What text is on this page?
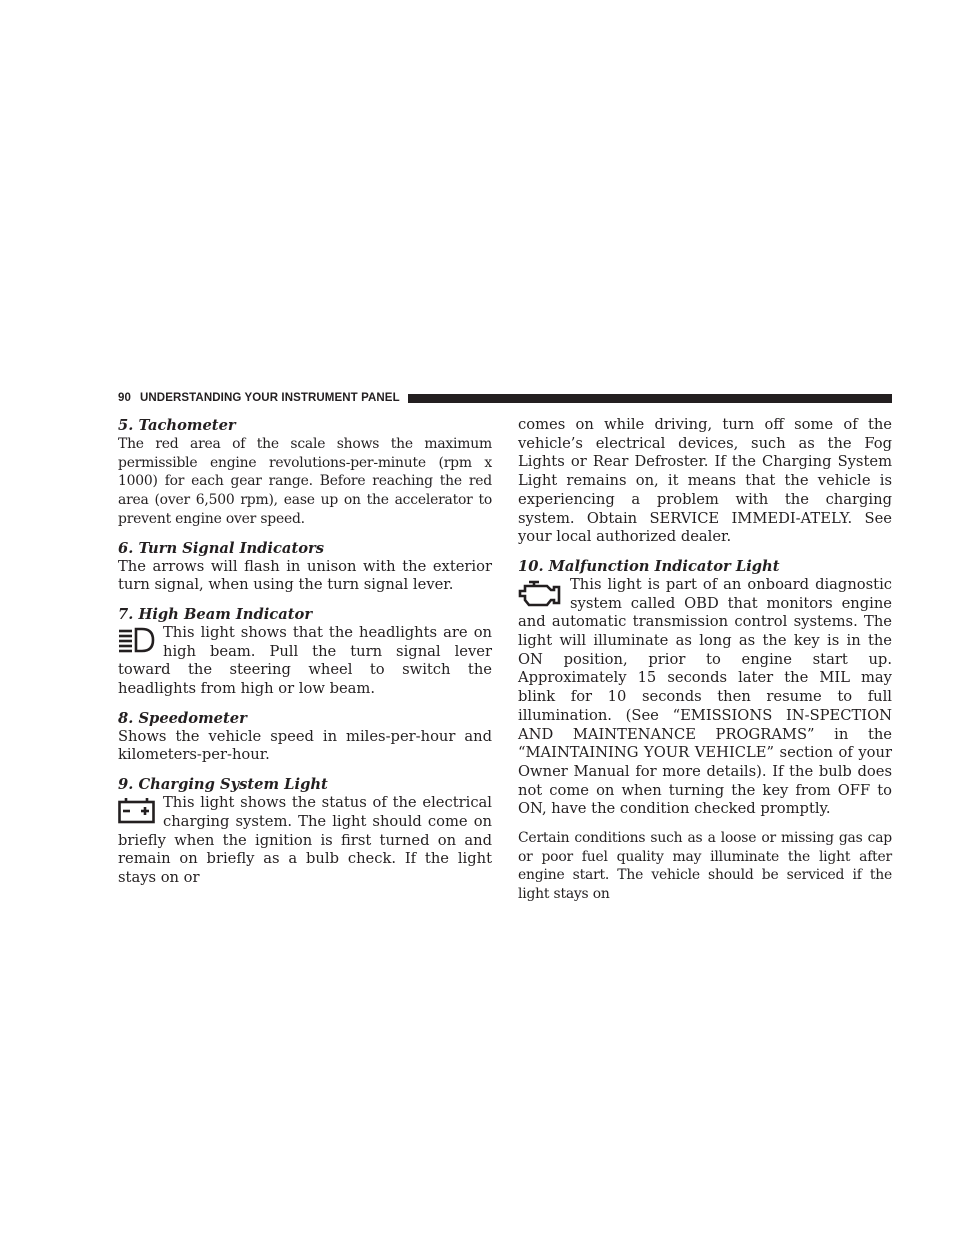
90 UNDERSTANDING YOUR INSTRUMENT PANEL
5. Tachometer

The red area of the scale shows the maximum permissible engine revolutions-per-minute (rpm x 1000) for each gear range. Before reaching the red area (over 6,500 rpm), ease up on the accelerator to prevent engine over speed.

6. Turn Signal Indicators

The arrows will flash in unison with the exterior turn signal, when using the turn signal lever.

7. High Beam Indicator

This light shows that the headlights are on high beam. Pull the turn signal lever toward the steering wheel to switch the headlights from high or low beam.

8. Speedometer

Shows the vehicle speed in miles-per-hour and kilometers-per-hour.

9. Charging System Light

This light shows the status of the electrical charging system. The light should come on briefly when the ignition is first turned on and remain on briefly as a bulb check. If the light stays on or

comes on while driving, turn off some of the vehicle’s electrical devices, such as the Fog Lights or Rear Defroster. If the Charging System Light remains on, it means that the vehicle is experiencing a problem with the charging system. Obtain SERVICE IMMEDI-ATELY. See your local authorized dealer.

10. Malfunction Indicator Light

This light is part of an onboard diagnostic system called OBD that monitors engine and automatic transmission control systems. The light will illuminate as long as the key is in the ON position, prior to engine start up. Approximately 15 seconds later the MIL may blink for 10 seconds then resume to full illumination. (See “EMISSIONS IN-SPECTION AND MAINTENANCE PROGRAMS” in the “MAINTAINING YOUR VEHICLE” section of your Owner Manual for more details). If the bulb does not come on when turning the key from OFF to ON, have the condition checked promptly.

Certain conditions such as a loose or missing gas cap or poor fuel quality may illuminate the light after engine start. The vehicle should be serviced if the light stays on
